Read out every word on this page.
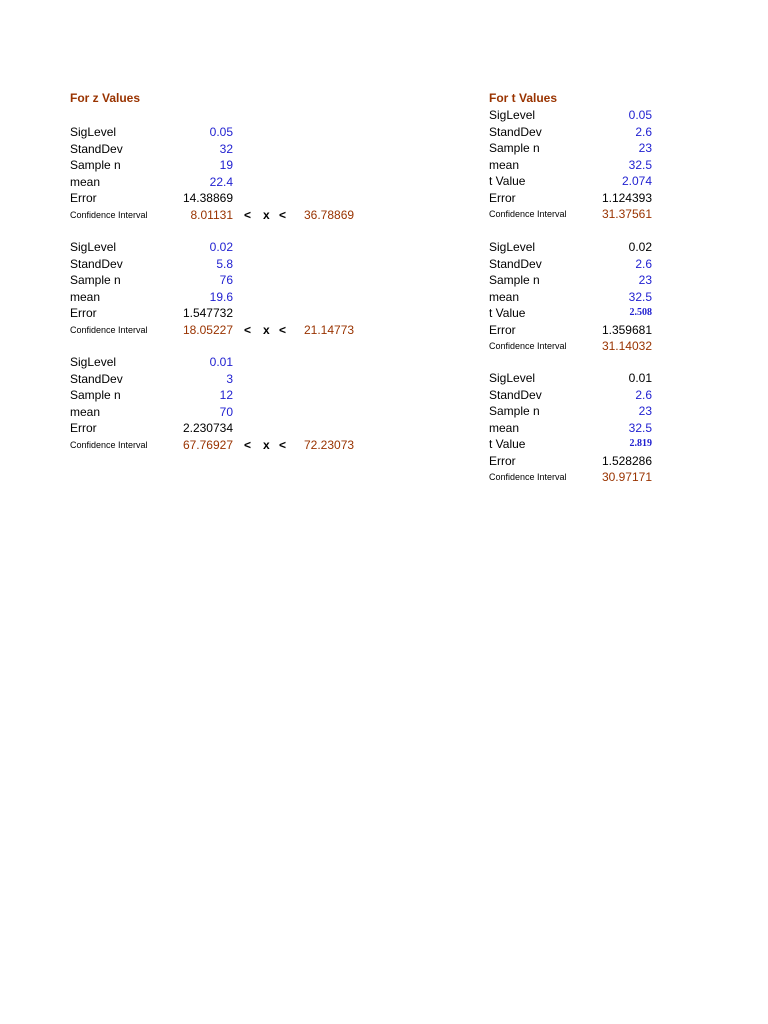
For z Values	For t Values
SigLevel	0.05
StandDev	32
Sample n	19
mean	22.4
Error	14.38869
Confidence Interval	8.01131 < x < 36.78869
SigLevel	0.02
StandDev	5.8
Sample n	76
mean	19.6
Error	1.547732
Confidence Interval	18.05227 < x < 21.14773
SigLevel	0.01
StandDev	3
Sample n	12
mean	70
Error	2.230734
Confidence Interval	67.76927 < x < 72.23073
SigLevel	0.05
StandDev	2.6
Sample n	23
mean	32.5
t Value	2.074
Error	1.124393
Confidence Interval	31.37561
SigLevel	0.02
StandDev	2.6
Sample n	23
mean	32.5
t Value	2.508
Error	1.359681
Confidence Interval	31.14032
SigLevel	0.01
StandDev	2.6
Sample n	23
mean	32.5
t Value	2.819
Error	1.528286
Confidence Interval	30.97171
